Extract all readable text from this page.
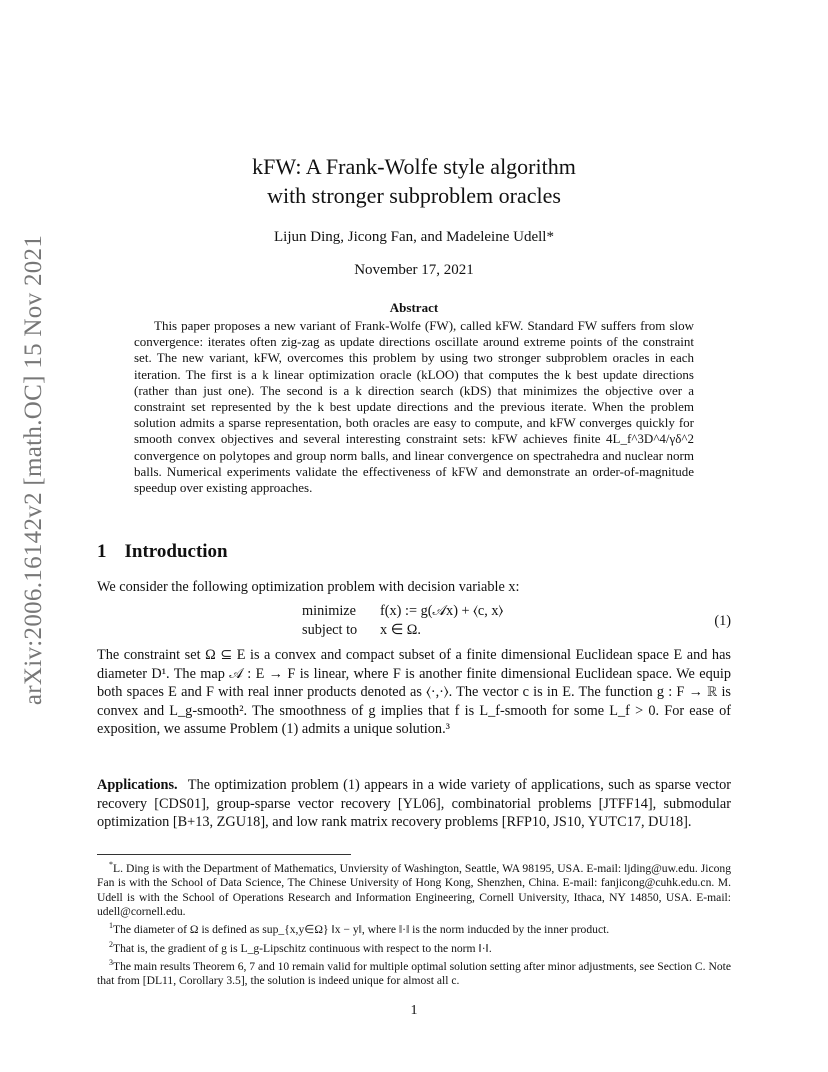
arXiv:2006.16142v2 [math.OC] 15 Nov 2021
kFW: A Frank-Wolfe style algorithm
with stronger subproblem oracles
Lijun Ding, Jicong Fan, and Madeleine Udell*
November 17, 2021
Abstract
This paper proposes a new variant of Frank-Wolfe (FW), called kFW. Standard FW suffers from slow convergence: iterates often zig-zag as update directions oscillate around extreme points of the constraint set. The new variant, kFW, overcomes this problem by using two stronger subproblem oracles in each iteration. The first is a k linear optimization oracle (kLOO) that computes the k best update directions (rather than just one). The second is a k direction search (kDS) that minimizes the objective over a constraint set represented by the k best update directions and the previous iterate. When the problem solution admits a sparse representation, both oracles are easy to compute, and kFW converges quickly for smooth convex objectives and several interesting constraint sets: kFW achieves finite 4L_f^3D^4/γδ^2 convergence on polytopes and group norm balls, and linear convergence on spectrahedra and nuclear norm balls. Numerical experiments validate the effectiveness of kFW and demonstrate an order-of-magnitude speedup over existing approaches.
1 Introduction
We consider the following optimization problem with decision variable x:
minimize	f(x) := g(𝒜x) + ⟨c, x⟩
subject to	x ∈ Ω.
(1)
The constraint set Ω ⊆ E is a convex and compact subset of a finite dimensional Euclidean space E and has diameter D¹. The map 𝒜 : E → F is linear, where F is another finite dimensional Euclidean space. We equip both spaces E and F with real inner products denoted as ⟨·,·⟩. The vector c is in E. The function g : F → ℝ is convex and L_g-smooth². The smoothness of g implies that f is L_f-smooth for some L_f > 0. For ease of exposition, we assume Problem (1) admits a unique solution.³
Applications. The optimization problem (1) appears in a wide variety of applications, such as sparse vector recovery [CDS01], group-sparse vector recovery [YL06], combinatorial problems [JTFF14], submodular optimization [B+13, ZGU18], and low rank matrix recovery problems [RFP10, JS10, YUTC17, DU18].

*L. Ding is with the Department of Mathematics, Unviersity of Washington, Seattle, WA 98195, USA. E-mail: ljding@uw.edu. Jicong Fan is with the School of Data Science, The Chinese University of Hong Kong, Shenzhen, China. E-mail: fanjicong@cuhk.edu.cn. M. Udell is with the School of Operations Research and Information Engineering, Cornell University, Ithaca, NY 14850, USA. E-mail: udell@cornell.edu.

$^1$The diameter of Ω is defined as sup_{x,y∈Ω} ‖x − y‖, where ‖·‖ is the norm inducded by the inner product.

$^2$That is, the gradient of g is L_g-Lipschitz continuous with respect to the norm ‖·‖.

$^3$The main results Theorem 6, 7 and 10 remain valid for multiple optimal solution setting after minor adjustments, see Section C. Note that from [DL11, Corollary 3.5], the solution is indeed unique for almost all c.

1
